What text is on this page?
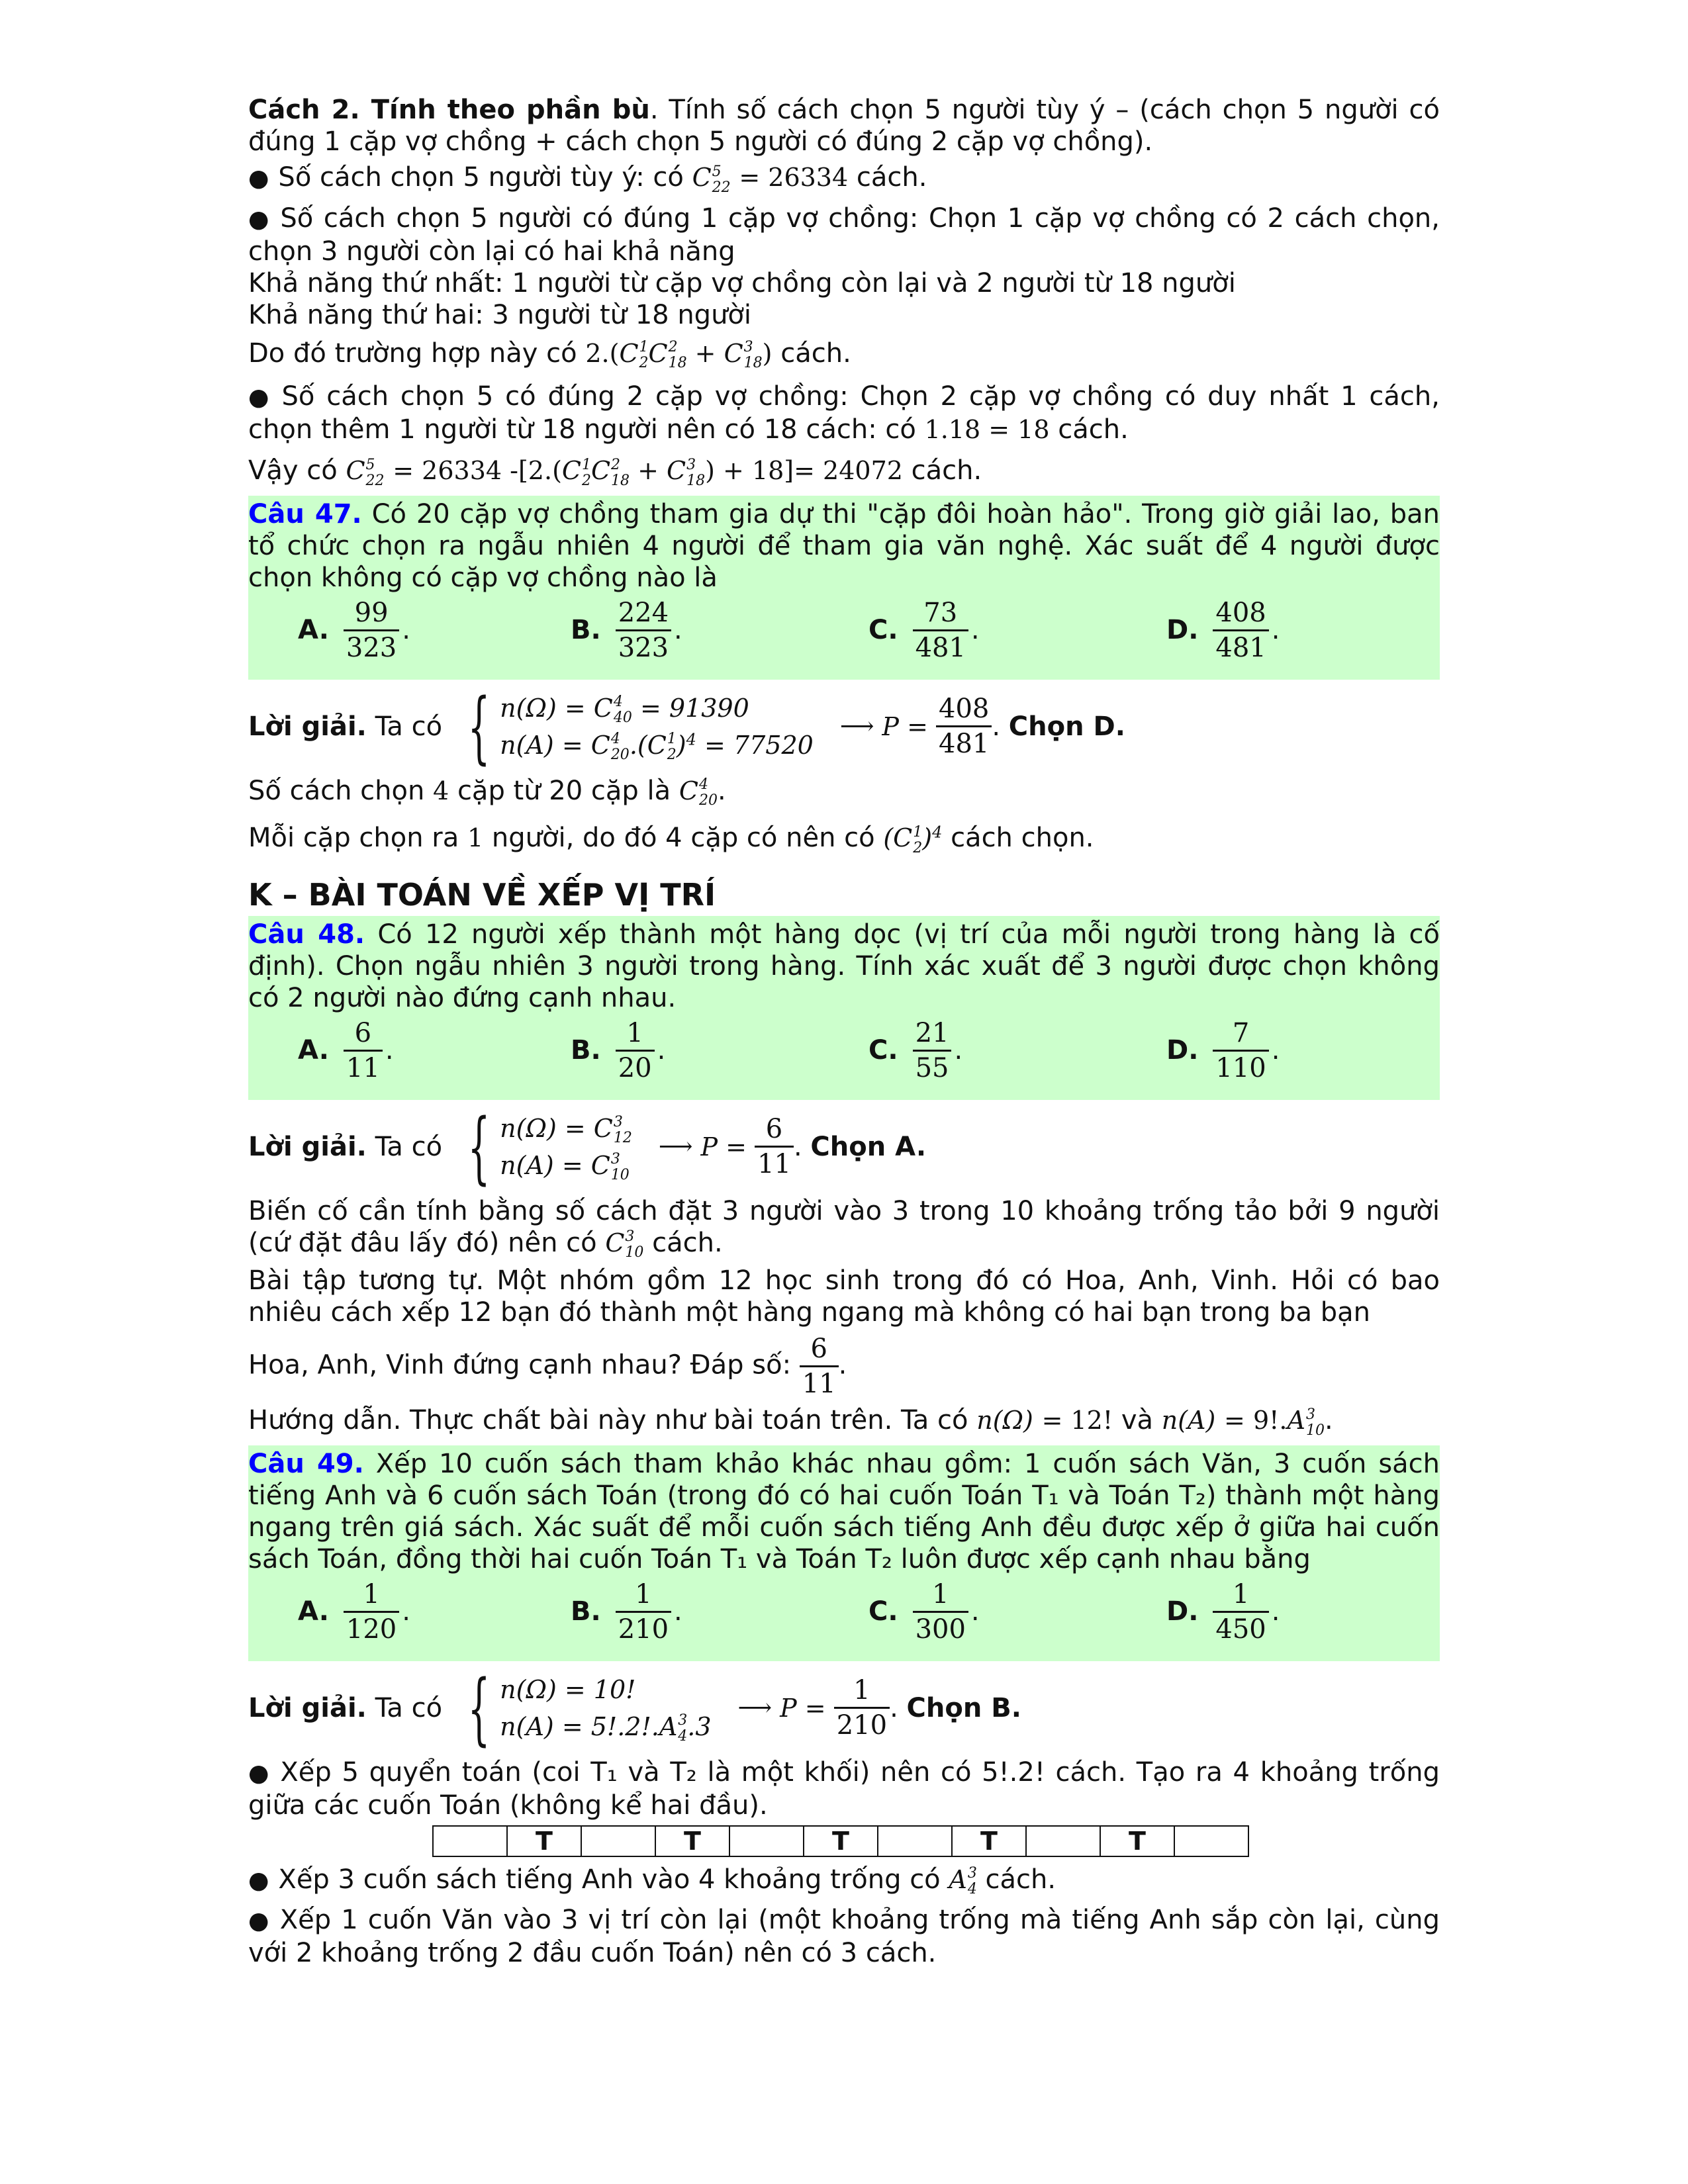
Cách 2. Tính theo phần bù. Tính số cách chọn 5 người tùy ý – (cách chọn 5 người có đúng 1 cặp vợ chồng + cách chọn 5 người có đúng 2 cặp vợ chồng).

● Số cách chọn 5 người tùy ý: có C 5
22 = 26334 cách.

● Số cách chọn 5 người có đúng 1 cặp vợ chồng: Chọn 1 cặp vợ chồng có 2 cách chọn, chọn 3 người còn lại có hai khả năng

Khả năng thứ nhất: 1 người từ cặp vợ chồng còn lại và 2 người từ 18 người

Khả năng thứ hai: 3 người từ 18 người

Do đó trường hợp này có 2.(C 1
2 C 2
18 + C 3
18 ) cách.

● Số cách chọn 5 có đúng 2 cặp vợ chồng: Chọn 2 cặp vợ chồng có duy nhất 1 cách, chọn thêm 1 người từ 18 người nên có 18 cách: có 1.18 = 18 cách.

Vậy có C 5
22 = 26334 -[2.(C 1
2 C 2
18 + C 3
18 ) + 18]= 24072 cách.

Câu 47. Có 20 cặp vợ chồng tham gia dự thi "cặp đôi hoàn hảo". Trong giờ giải lao, ban tổ chức chọn ra ngẫu nhiên 4 người để tham gia văn nghệ. Xác suất để 4 người được chọn không có cặp vợ chồng nào là

A. $\frac{99}{323}$ .	B. $\frac{224}{323}$ .	C. $\frac{73}{481}$ .	D. $\frac{408}{481}$ .
Lời giải.
Ta có { n(Ω) = C 4
40 = 91390
n(A) = C 4
20 .(C 1
2 )$^4$ = 77520
⟶ $P = \frac{408}{481}$ . Chọn D.

Số cách chọn 4 cặp từ 20 cặp là C 4
20 .

Mỗi cặp chọn ra 1 người, do đó 4 cặp có nên có (C 1
2 )$^4$ cách chọn.

K – BÀI TOÁN VỀ XẾP VỊ TRÍ

Câu 48. Có 12 người xếp thành một hàng dọc (vị trí của mỗi người trong hàng là cố định). Chọn ngẫu nhiên 3 người trong hàng. Tính xác xuất để 3 người được chọn không có 2 người nào đứng cạnh nhau.

A. $\frac{6}{11}$ .	B. $\frac{1}{20}$ .	C. $\frac{21}{55}$ .	D. $\frac{7}{110}$ .
Lời giải.
Ta có { n(Ω) = C 3
12
n(A) = C 3
10
⟶ $P = \frac{6}{11}$ . Chọn A.

Biến cố cần tính bằng số cách đặt 3 người vào 3 trong 10 khoảng trống tảo bởi 9 người (cứ đặt đâu lấy đó) nên có C 3
10 cách.

Bài tập tương tự. Một nhóm gồm 12 học sinh trong đó có Hoa, Anh, Vinh. Hỏi có bao nhiêu cách xếp 12 bạn đó thành một hàng ngang mà không có hai bạn trong ba bạn

Hoa, Anh, Vinh đứng cạnh nhau? Đáp số: $\frac{6}{11}$ .

Hướng dẫn. Thực chất bài này như bài toán trên. Ta có n(Ω) = 12! và n(A) = 9!.A 3
10 .

Câu 49. Xếp 10 cuốn sách tham khảo khác nhau gồm: 1 cuốn sách Văn, 3 cuốn sách tiếng Anh và 6 cuốn sách Toán (trong đó có hai cuốn Toán T₁ và Toán T₂) thành một hàng ngang trên giá sách. Xác suất để mỗi cuốn sách tiếng Anh đều được xếp ở giữa hai cuốn sách Toán, đồng thời hai cuốn Toán T₁ và Toán T₂ luôn được xếp cạnh nhau bằng

A. $\frac{1}{120}$ .	B. $\frac{1}{210}$ .	C. $\frac{1}{300}$ .	D. $\frac{1}{450}$ .
Lời giải.
Ta có { n(Ω) = 10!
n(A) = 5!.2!.A 3
4 .3
⟶ $P = \frac{1}{210}$ . Chọn B.

● Xếp 5 quyển toán (coi T₁ và T₂ là một khối) nên có 5!.2! cách. Tạo ra 4 khoảng trống giữa các cuốn Toán (không kể hai đầu).

	T		T		T		T		T	

● Xếp 3 cuốn sách tiếng Anh vào 4 khoảng trống có A 3
4 cách.

● Xếp 1 cuốn Văn vào 3 vị trí còn lại (một khoảng trống mà tiếng Anh sắp còn lại, cùng với 2 khoảng trống 2 đầu cuốn Toán) nên có 3 cách.
